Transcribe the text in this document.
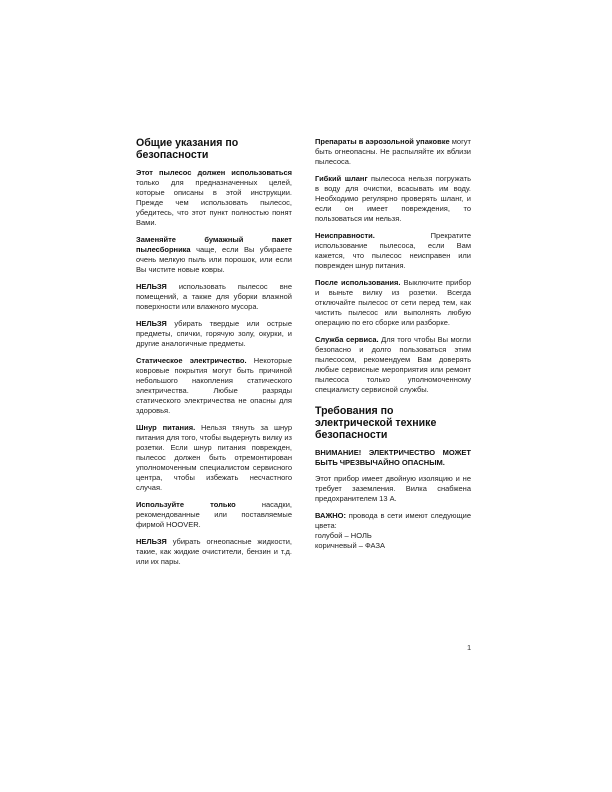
Общие указания по безопасности

Этот пылесос должен использоваться только для предназначенных целей, которые описаны в этой инструкции. Прежде чем использовать пылесос, убедитесь, что этот пункт полностью понят Вами.

Заменяйте бумажный пакет пылесборника чаще, если Вы убираете очень мелкую пыль или порошок, или если Вы чистите новые ковры.

НЕЛЬЗЯ использовать пылесос вне помещений, а также для уборки влажной поверхности или влажного мусора.

НЕЛЬЗЯ убирать твердые или острые предметы, спички, горячую золу, окурки, и другие аналогичные предметы.

Статическое электричество. Некоторые ковровые покрытия могут быть причиной небольшого накопления статического электричества. Любые разряды статического электричества не опасны для здоровья.

Шнур питания. Нельзя тянуть за шнур питания для того, чтобы выдернуть вилку из розетки. Если шнур питания поврежден, пылесос должен быть отремонтирован уполномоченным специалистом сервисного центра, чтобы избежать несчастного случая.

Используйте только насадки, рекомендованные или поставляемые фирмой HOOVER.

НЕЛЬЗЯ убирать огнеопасные жидкости, такие, как жидкие очистители, бензин и т.д. или их пары.

Препараты в аэрозольной упаковке могут быть огнеопасны. Не распыляйте их вблизи пылесоса.

Гибкий шланг пылесоса нельзя погружать в воду для очистки, всасывать им воду. Необходимо регулярно проверять шланг, и если он имеет повреждения, то пользоваться им нельзя.

Неисправности. Прекратите использование пылесоса, если Вам кажется, что пылесос неисправен или поврежден шнур питания.

После использования. Выключите прибор и выньте вилку из розетки. Всегда отключайте пылесос от сети перед тем, как чистить пылесос или выполнять любую операцию по его сборке или разборке.

Служба сервиса. Для того чтобы Вы могли безопасно и долго пользоваться этим пылесосом, рекомендуем Вам доверять любые сервисные мероприятия или ремонт пылесоса только уполномоченному специалисту сервисной службы.

Требования по электрической технике безопасности

ВНИМАНИЕ! ЭЛЕКТРИЧЕСТВО МОЖЕТ БЫТЬ ЧРЕЗВЫЧАЙНО ОПАСНЫМ.

Этот прибор имеет двойную изоляцию и не требует заземления. Вилка снабжена предохранителем 13 А.

ВАЖНО: провода в сети имеют следующие цвета:

голубой – НОЛЬ

коричневый – ФАЗА

1
